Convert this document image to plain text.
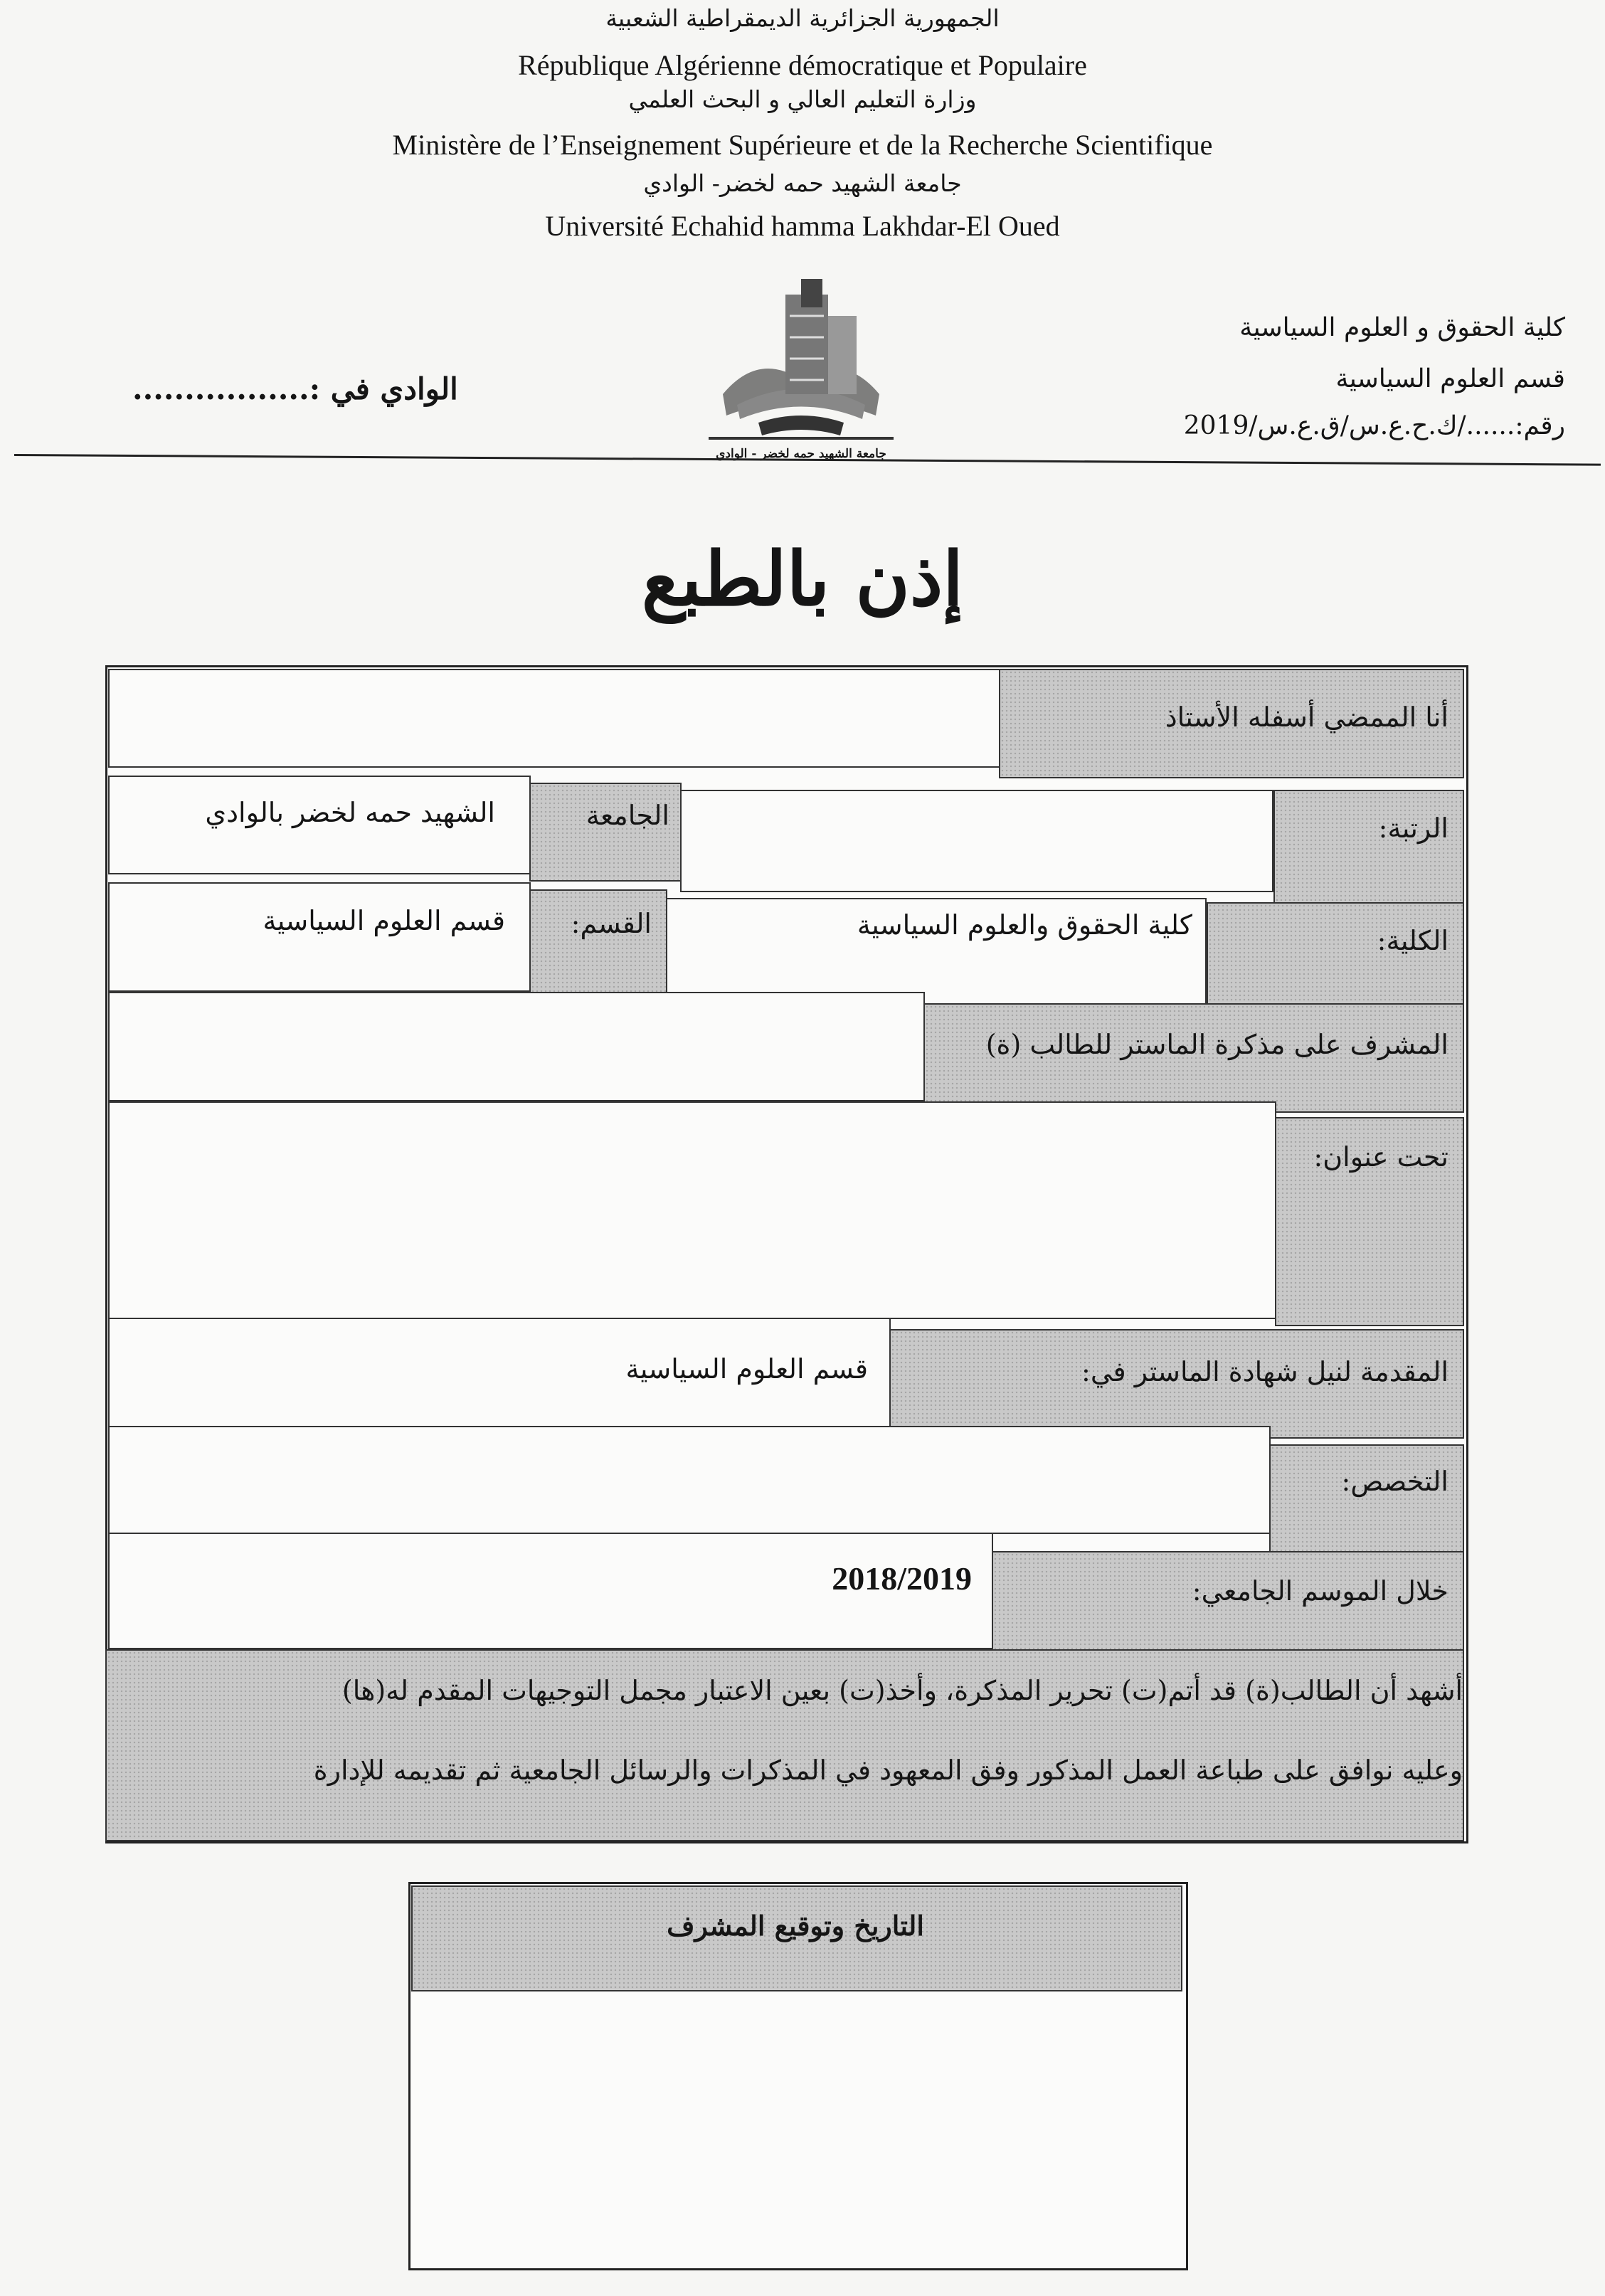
الجمهورية الجزائرية الديمقراطية الشعبية
République Algérienne démocratique et Populaire
وزارة التعليم العالي و البحث العلمي
Ministère de l’Enseignement Supérieure et de la Recherche Scientifique
جامعة الشهيد حمه لخضر- الوادي
Université Echahid hamma Lakhdar-El Oued
كلية الحقوق و العلوم السياسية
قسم العلوم السياسية
رقم:....../ك.ح.ع.س/ق.ع.س/2019
الوادي في :.................
جامعة الشهيد حمه لخضر - الوادي
إذن بالطبع
أنا الممضي أسفله الأستاذ
الشهيد حمه لخضر بالوادي	الجامعة	الرتبة:
قسم العلوم السياسية القسم:	كلية الحقوق والعلوم السياسية	الكلية:
المشرف على مذكرة الماستر للطالب (ة)
تحت عنوان:
قسم العلوم السياسية	المقدمة لنيل شهادة الماستر في:
التخصص:
2018/2019	خلال الموسم الجامعي:
أشهد أن الطالب(ة) قد أتم(ت) تحرير المذكرة، وأخذ(ت) بعين الاعتبار مجمل التوجيهات المقدم له(ها)
وعليه نوافق على طباعة العمل المذكور وفق المعهود في المذكرات والرسائل الجامعية ثم تقديمه للإدارة
التاريخ وتوقيع المشرف
